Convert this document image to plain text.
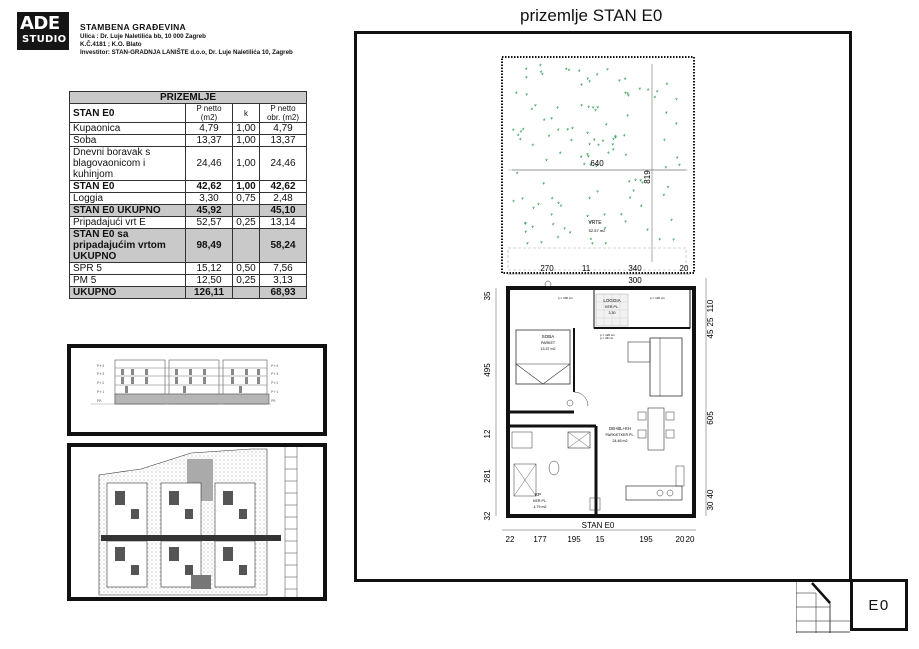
ADE
STUDIO
STAMBENA GRAĐEVINA
Ulica : Dr. Luje Naletilića bb, 10 000 Zagreb
K.Č.4181 ; K.O. Blato
Investitor: STAN-GRADNJA LANIŠTE d.o.o, Dr. Luje Naletilića 10, Zagreb
PRIZEMLJE			
STAN E0	P netto (m2)	k	P netto obr. (m2)
Kupaonica	4,79	1,00	4,79
Soba	13,37	1,00	13,37
Dnevni boravak s blagovaonicom i kuhinjom	24,46	1,00	24,46
STAN E0	42,62	1,00	42,62
Loggia	3,30	0,75	2,48
STAN E0 UKUPNO	45,92		45,10
Pripadajući vrt E	52,57	0,25	13,14
STAN E0 sa pripadajućim vrtom UKUPNO	98,49		58,24
SPR 5	15,12	0,50	7,56
PM 5	12,50	0,25	3,13
UKUPNO	126,11		68,93
P+4
P+3
P+2
P+1
PR
P+4
P+3
P+2
P+1
PR
prizemlje STAN E0
640
819
VRTE
52.57 m2
270	11	340	20
300
LOGGIA
KER.PL.
3.30
SOBA
PARKET
13.37 m2
DB+BL+KH
PARK/ETKER.PL.
24.46 m2
KP
KER.PL.
4.79 m2
p = 100 cm	p = 120 cm
p = 120 cm
p = 39 cm
35
495
12
281
32
110
25
45
605
30
40
22 177	195 15	195	20 20
STAN E0
E0
